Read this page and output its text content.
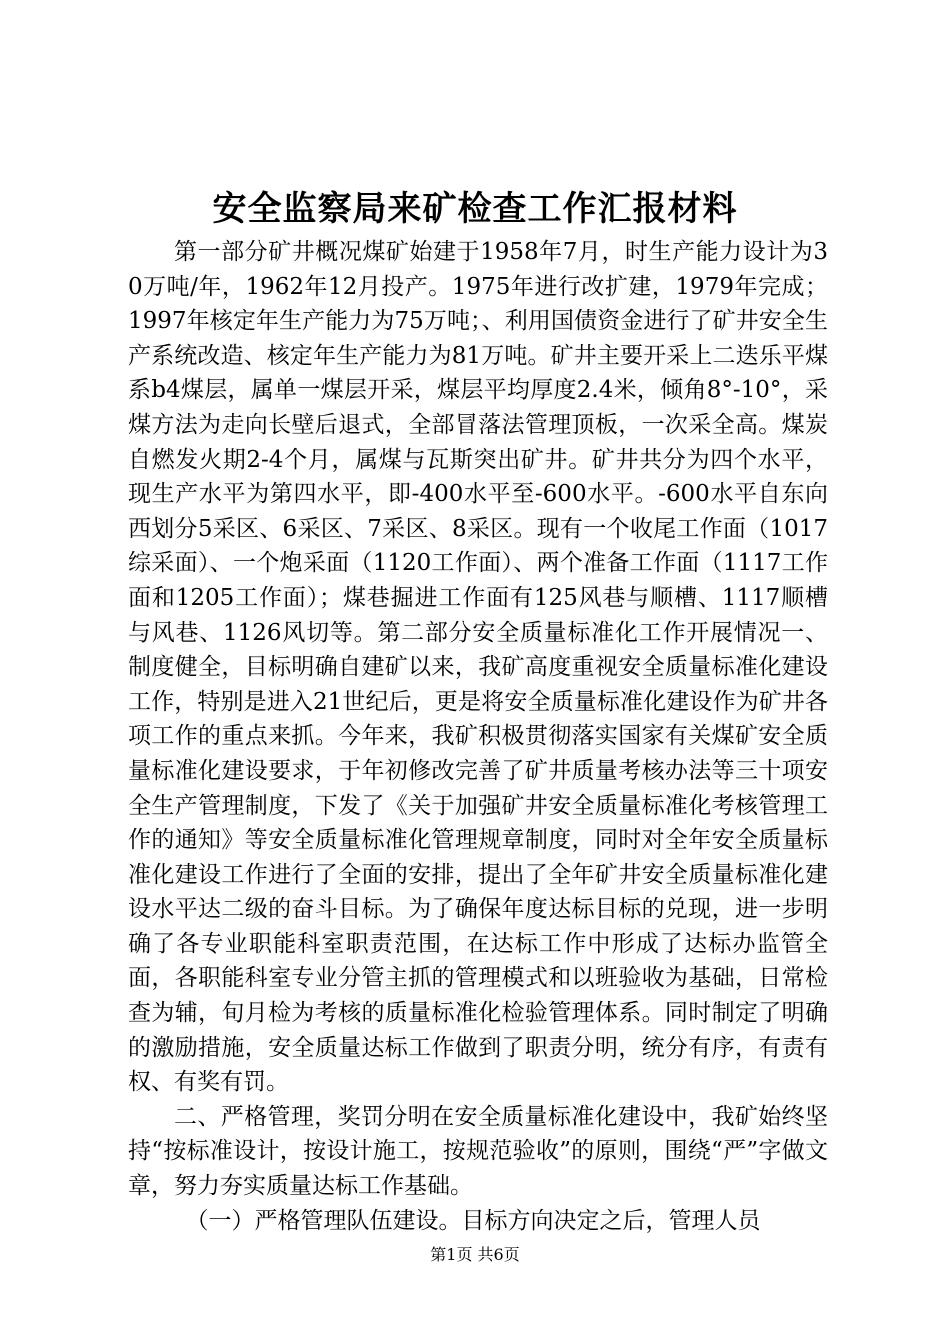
安全监察局来矿检查工作汇报材料

第一部分矿井概况煤矿始建于1958年7月，时生产能力设计为30万吨/年，1962年12月投产。1975年进行改扩建，1979年完成；1997年核定年生产能力为75万吨；、利用国债资金进行了矿井安全生产系统改造、核定年生产能力为81万吨。矿井主要开采上二迭乐平煤系b4煤层，属单一煤层开采，煤层平均厚度2.4米，倾角8°-10°，采煤方法为走向长壁后退式，全部冒落法管理顶板，一次采全高。煤炭自燃发火期2-4个月，属煤与瓦斯突出矿井。矿井共分为四个水平，现生产水平为第四水平，即-400水平至-600水平。-600水平自东向西划分5采区、6采区、7采区、8采区。现有一个收尾工作面（1017综采面）、一个炮采面（1120工作面）、两个准备工作面（1117工作面和1205工作面）；煤巷掘进工作面有125风巷与顺槽、1117顺槽与风巷、1126风切等。第二部分安全质量标准化工作开展情况一、制度健全，目标明确自建矿以来，我矿高度重视安全质量标准化建设工作，特别是进入21世纪后，更是将安全质量标准化建设作为矿井各项工作的重点来抓。今年来，我矿积极贯彻落实国家有关煤矿安全质量标准化建设要求，于年初修改完善了矿井质量考核办法等三十项安全生产管理制度，下发了《关于加强矿井安全质量标准化考核管理工作的通知》等安全质量标准化管理规章制度，同时对全年安全质量标准化建设工作进行了全面的安排，提出了全年矿井安全质量标准化建设水平达二级的奋斗目标。为了确保年度达标目标的兑现，进一步明确了各专业职能科室职责范围，在达标工作中形成了达标办监管全面，各职能科室专业分管主抓的管理模式和以班验收为基础，日常检查为辅，旬月检为考核的质量标准化检验管理体系。同时制定了明确的激励措施，安全质量达标工作做到了职责分明，统分有序，有责有权、有奖有罚。

二、严格管理，奖罚分明在安全质量标准化建设中，我矿始终坚持“按标准设计，按设计施工，按规范验收”的原则，围绕“严”字做文章，努力夯实质量达标工作基础。

（一）严格管理队伍建设。目标方向决定之后，管理人员

第1页 共6页
